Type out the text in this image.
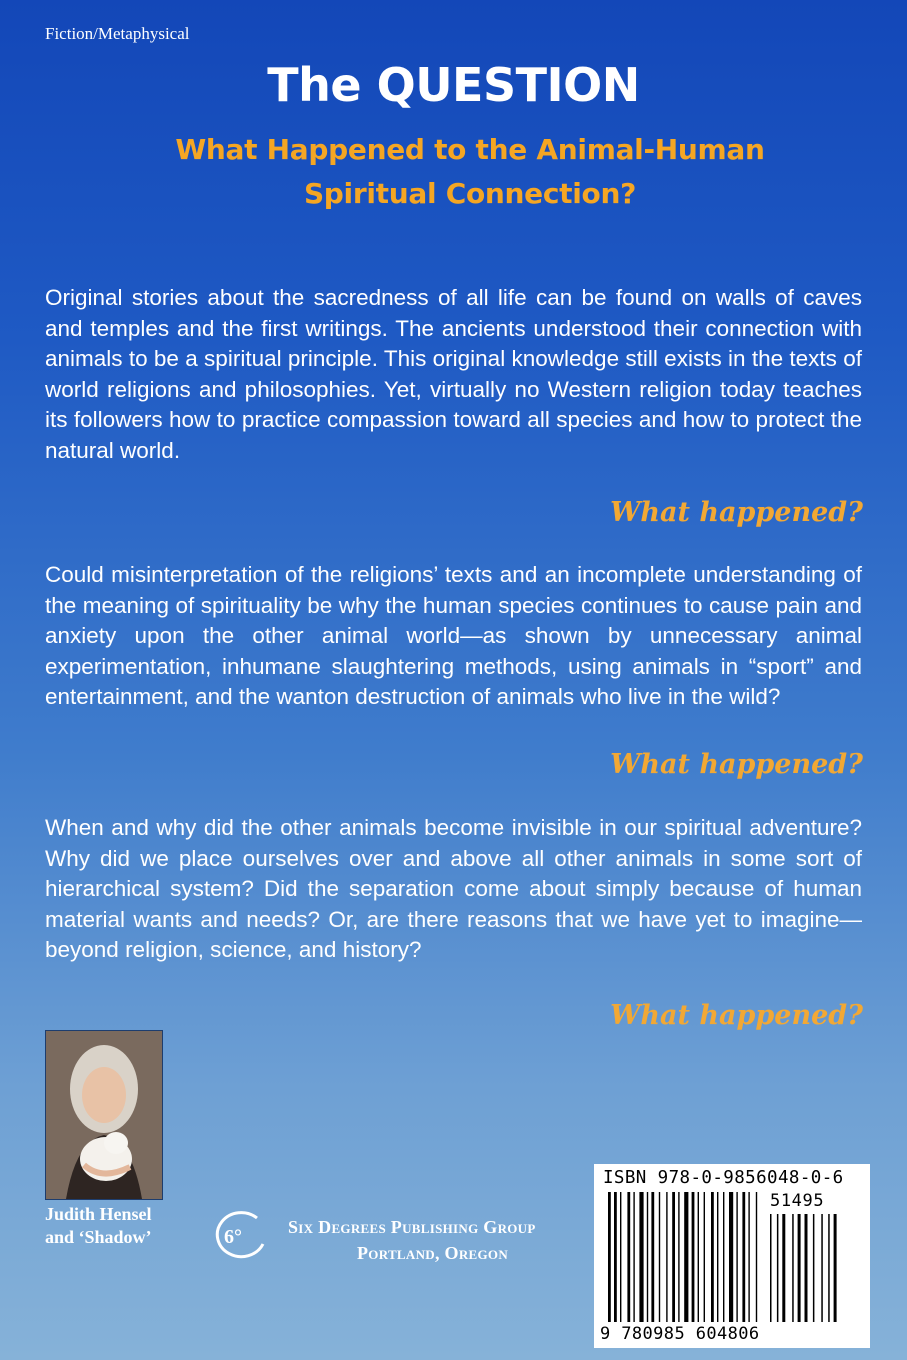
Fiction/Metaphysical
The QUESTION
What Happened to the Animal-Human
Spiritual Connection?

Original stories about the sacredness of all life can be found on walls of caves and temples and the first writings. The ancients understood their connection with animals to be a spiritual principle. This original knowledge still exists in the texts of world religions and philosophies. Yet, virtually no Western religion today teaches its followers how to practice compassion toward all species and how to protect the natural world.

What happened?

Could misinterpretation of the religions’ texts and an incomplete understanding of the meaning of spirituality be why the human species continues to cause pain and anxiety upon the other animal world—as shown by unnecessary animal experimentation, inhumane slaughtering methods, using animals in “sport” and entertainment, and the wanton destruction of animals who live in the wild?

What happened?

When and why did the other animals become invisible in our spiritual adventure? Why did we place ourselves over and above all other animals in some sort of hierarchical system? Did the separation come about simply because of human material wants and needs? Or, are there reasons that we have yet to imagine—beyond religion, science, and history?

What happened?
Judith Hensel
and ‘Shadow’	6°	Six Degrees Publishing Group
Portland, Oregon
ISBN 978-0-9856048-0-6
51495
9 780985 604806
